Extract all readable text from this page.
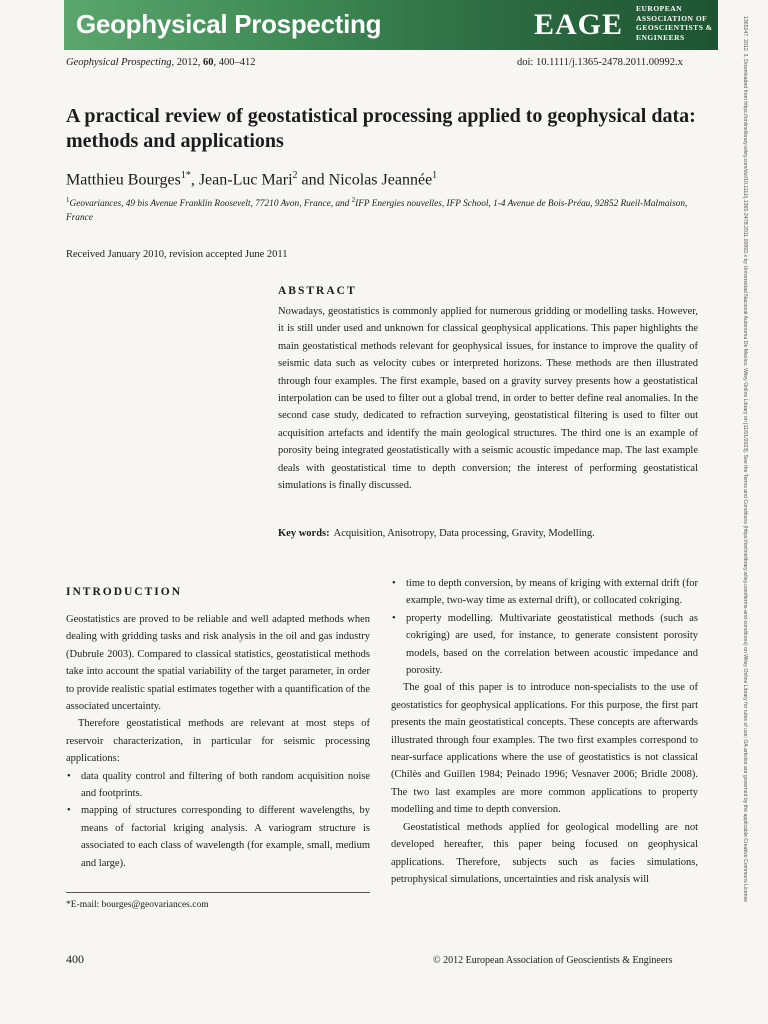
Geophysical Prospecting	EAGE EUROPEAN
ASSOCIATION OF
GEOSCIENTISTS &
ENGINEERS
Geophysical Prospecting, 2012, 60, 400–412	doi: 10.1111/j.1365-2478.2011.00992.x
A practical review of geostatistical processing applied to geophysical data: methods and applications
Matthieu Bourges$^{1*}$, Jean-Luc Mari$^2$ and Nicolas Jeannée$^1$
$^1$Geovariances, 49 bis Avenue Franklin Roosevelt, 77210 Avon, France, and $^2$IFP Energies nouvelles, IFP School, 1-4 Avenue de Bois-Préau, 92852 Rueil-Malmaison, France
Received January 2010, revision accepted June 2011
ABSTRACT
Nowadays, geostatistics is commonly applied for numerous gridding or modelling tasks. However, it is still under used and unknown for classical geophysical applications. This paper highlights the main geostatistical methods relevant for geophysical issues, for instance to improve the quality of seismic data such as velocity cubes or interpreted horizons. These methods are then illustrated through four examples. The first example, based on a gravity survey presents how a geostatistical interpolation can be used to filter out a global trend, in order to better define real anomalies. In the second case study, dedicated to refraction surveying, geostatistical filtering is used to filter out acquisition artefacts and identify the main geological structures. The third one is an example of porosity being integrated geostatistically with a seismic acoustic impedance map. The last example deals with geostatistical time to depth conversion; the interest of performing geostatistical simulations is finally discussed.
Key words: Acquisition, Anisotropy, Data processing, Gravity, Modelling.
INTRODUCTION

Geostatistics are proved to be reliable and well adapted methods when dealing with gridding tasks and risk analysis in the oil and gas industry (Dubrule 2003). Compared to classical statistics, geostatistical methods take into account the spatial variability of the target parameter, in order to provide realistic spatial estimates together with a quantification of the associated uncertainty.

Therefore geostatistical methods are relevant at most steps of reservoir characterization, in particular for seismic processing applications:

• data quality control and filtering of both random acquisition noise and footprints.
• mapping of structures corresponding to different wavelengths, by means of factorial kriging analysis. A variogram structure is associated to each class of wavelength (for example, small, medium and large).
• time to depth conversion, by means of kriging with external drift (for example, two-way time as external drift), or collocated cokriging.
• property modelling. Multivariate geostatistical methods (such as cokriging) are used, for instance, to generate consistent porosity models, based on the correlation between acoustic impedance and porosity.

The goal of this paper is to introduce non-specialists to the use of geostatistics for geophysical applications. For this purpose, the first part presents the main geostatistical concepts. These concepts are afterwards illustrated through four examples. The two first examples correspond to near-surface applications where the use of geostatistics is not classical (Chilès and Guillen 1984; Peinado 1996; Vesnaver 2006; Bridle 2008). The two last examples are more common applications to property modelling and time to depth conversion.

Geostatistical methods applied for geological modelling are not developed hereafter, this paper being focused on geophysical applications. Therefore, subjects such as facies simulations, petrophysical simulations, uncertainties and risk analysis will

*E-mail: bourges@geovariances.com
400	© 2012 European Association of Geoscientists & Engineers
1365247, 2012, 3, Downloaded from https://onlinelibrary.wiley.com/doi/10.1111/j.1365-2478.2011.00992.x by Universidad Nacional Autonoma De Mexico, Wiley Online Library on [11/01/2023]. See the Terms and Conditions (https://onlinelibrary.wiley.com/terms-and-conditions) on Wiley Online Library for rules of use; OA articles are governed by the applicable Creative Commons License
